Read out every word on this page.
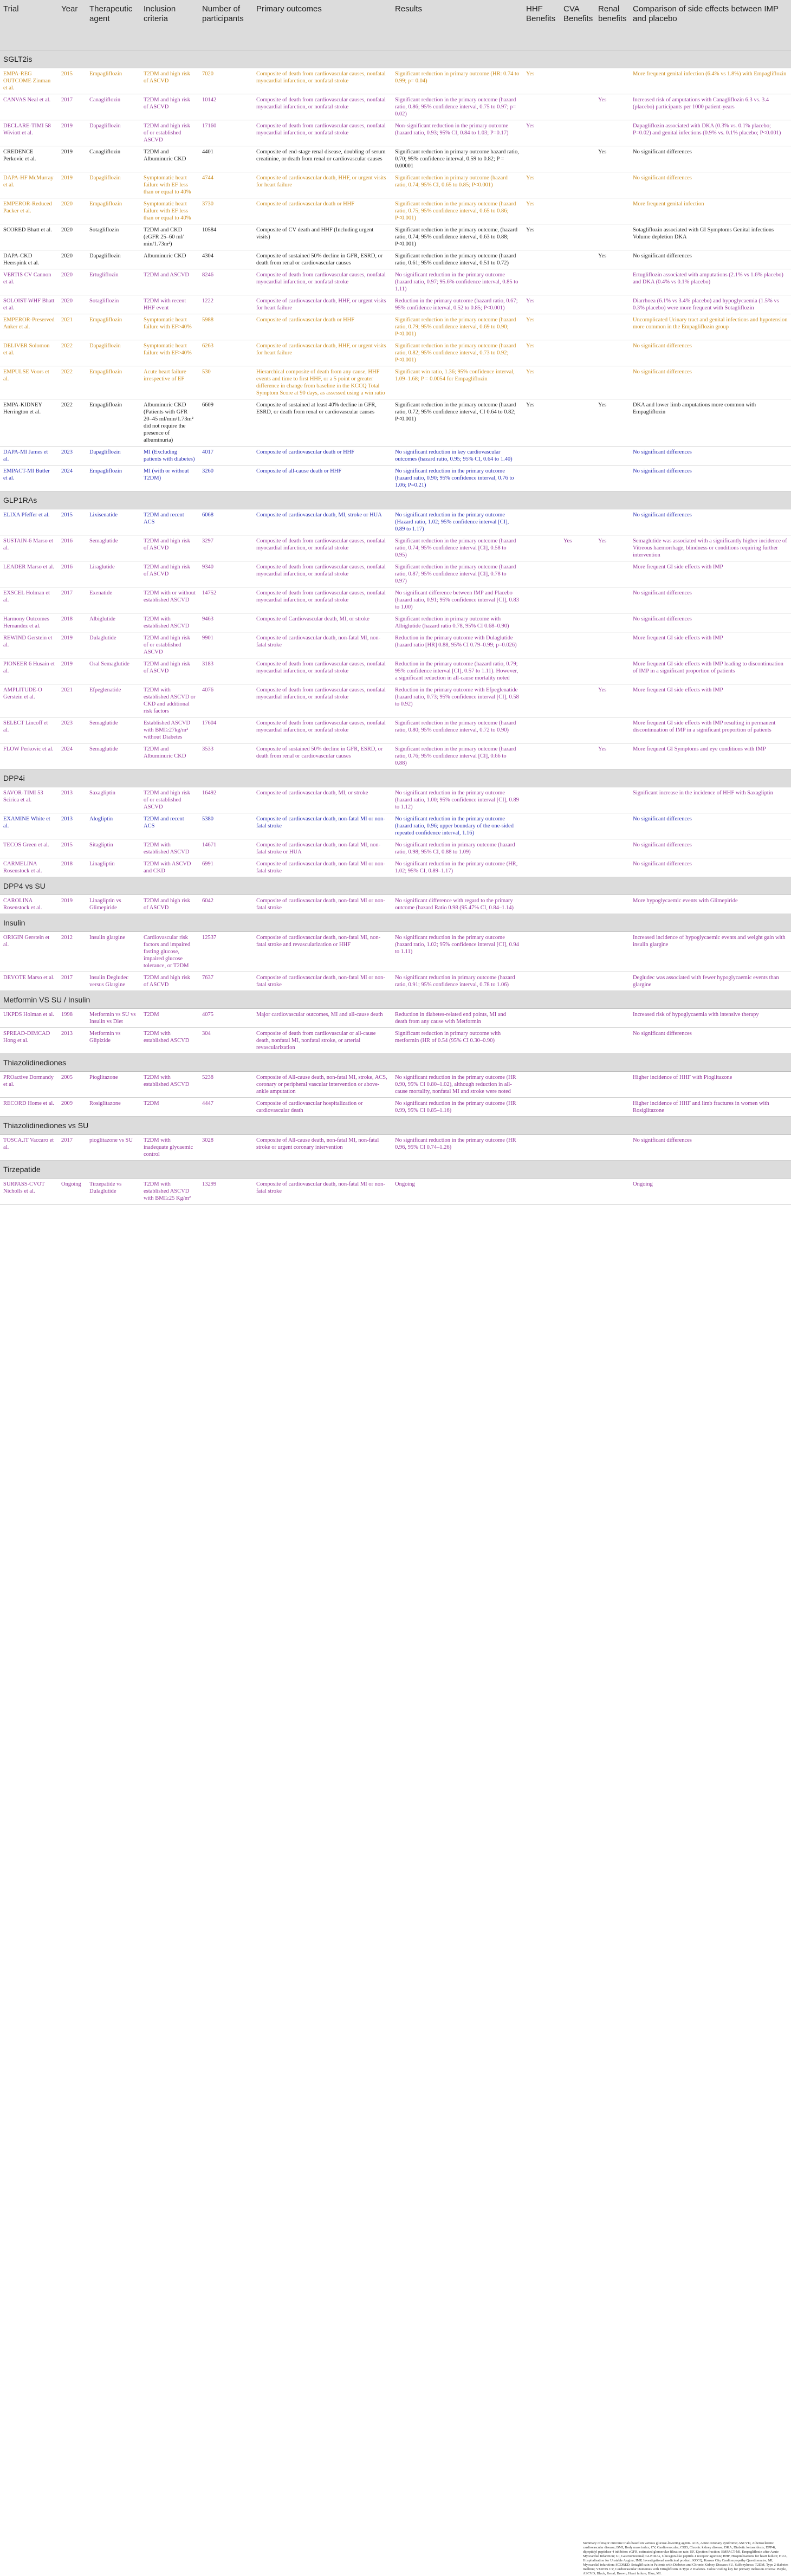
Trial	Year	Therapeutic agent	Inclusion criteria	Number of participants	Primary outcomes	Results	HHF Benefits	CVA Benefits	Renal benefits	Comparison of side effects between IMP and placebo
SGLT2is										
EMPA-REG OUTCOME Zinman et al.	2015	Empagliflozin	T2DM and high risk of ASCVD	7020	Composite of death from cardiovascular causes, nonfatal myocardial infarction, or nonfatal stroke	Significant reduction in primary outcome (HR: 0.74 to 0.99; p= 0.04)	Yes			More frequent genital infection (6.4% vs 1.8%) with Empagliflozin
CANVAS Neal et al.	2017	Canagliflozin	T2DM and high risk of ASCVD	10142	Composite of death from cardiovascular causes, nonfatal myocardial infarction, or nonfatal stroke	Significant reduction in the primary outcome (hazard ratio, 0.86; 95% confidence interval, 0.75 to 0.97; p= 0.02)			Yes	Increased risk of amputations with Canagliflozin 6.3 vs. 3.4 (placebo) participants per 1000 patient-years
DECLARE-TIMI 58 Wiviott et al.	2019	Dapagliflozin	T2DM and high risk of or established ASCVD	17160	Composite of death from cardiovascular causes, nonfatal myocardial infarction, or nonfatal stroke	Non-significant reduction in the primary outcome (hazard ratio, 0.93; 95% CI, 0.84 to 1.03; P=0.17)	Yes			Dapagliflozin associated with DKA (0.3% vs. 0.1% placebo; P=0.02) and genital infections (0.9% vs. 0.1% placebo; P<0.001)
CREDENCE Perkovic et al.	2019	Canagliflozin	T2DM and Albuminuric CKD	4401	Composite of end-stage renal disease, doubling of serum creatinine, or death from renal or cardiovascular causes	Significant reduction in primary outcome hazard ratio, 0.70; 95% confidence interval, 0.59 to 0.82; P = 0.00001			Yes	No significant differences
DAPA-HF McMurray et al.	2019	Dapagliflozin	Symptomatic heart failure with EF less than or equal to 40%	4744	Composite of cardiovascular death, HHF, or urgent visits for heart failure	Significant reduction in primary outcome (hazard ratio, 0.74; 95% CI, 0.65 to 0.85; P<0.001)	Yes			No significant differences
EMPEROR-Reduced Packer et al.	2020	Empagliflozin	Symptomatic heart failure with EF less than or equal to 40%	3730	Composite of cardiovascular death or HHF	Significant reduction in the primary outcome (hazard ratio, 0.75; 95% confidence interval, 0.65 to 0.86; P<0.001)	Yes			More frequent genital infection
SCORED Bhatt et al.	2020	Sotagliflozin	T2DM and CKD (eGFR 25–60 ml/ min/1.73m²)	10584	Composite of CV death and HHF (Including urgent visits)	Significant reduction in the primary outcome, (hazard ratio, 0.74; 95% confidence interval, 0.63 to 0.88; P<0.001)	Yes			Sotagliflozin associated with GI Symptoms Genital infections Volume depletion DKA
DAPA-CKD Heerspink et al.	2020	Dapagliflozin	Albuminuric CKD	4304	Composite of sustained 50% decline in GFR, ESRD, or death from renal or cardiovascular causes	Significant reduction in the primary outcome (hazard ratio, 0.61; 95% confidence interval, 0.51 to 0.72)			Yes	No significant differences
VERTIS CV Cannon et al.	2020	Ertugliflozin	T2DM and ASCVD	8246	Composite of death from cardiovascular causes, nonfatal myocardial infarction, or nonfatal stroke	No significant reduction in the primary outcome (hazard ratio, 0.97; 95.6% confidence interval, 0.85 to 1.11)				Ertugliflozin associated with amputations (2.1% vs 1.6% placebo) and DKA (0.4% vs 0.1% placebo)
SOLOIST-WHF Bhatt et al.	2020	Sotagliflozin	T2DM with recent HHF event	1222	Composite of cardiovascular death, HHF, or urgent visits for heart failure	Reduction in the primary outcome (hazard ratio, 0.67; 95% confidence interval, 0.52 to 0.85; P<0.001)	Yes			Diarrhoea (6.1% vs 3.4% placebo) and hypoglycaemia (1.5% vs 0.3% placebo) were more frequent with Sotagliflozin
EMPEROR-Preserved Anker et al.	2021	Empagliflozin	Symptomatic heart failure with EF>40%	5988	Composite of cardiovascular death or HHF	Significant reduction in the primary outcome (hazard ratio, 0.79; 95% confidence interval, 0.69 to 0.90; P<0.001)	Yes			Uncomplicated Urinary tract and genital infections and hypotension more common in the Empagliflozin group
DELIVER Solomon et al.	2022	Dapagliflozin	Symptomatic heart failure with EF>40%	6263	Composite of cardiovascular death, HHF, or urgent visits for heart failure	Significant reduction in the primary outcome (hazard ratio, 0.82; 95% confidence interval, 0.73 to 0.92; P<0.001)	Yes			No significant differences
EMPULSE Voors et al.	2022	Empagliflozin	Acute heart failure irrespective of EF	530	Hierarchical composite of death from any cause, HHF events and time to first HHF, or a 5 point or greater difference in change from baseline in the KCCQ Total Symptom Score at 90 days, as assessed using a win ratio	Significant win ratio, 1.36; 95% confidence interval, 1.09–1.68; P = 0.0054 for Empagliflozin	Yes			No significant differences
EMPA-KIDNEY Herrington et al.	2022	Empagliflozin	Albuminuric CKD (Patients with GFR 20–45 ml/min/1.73m² did not require the presence of albuminuria)	6609	Composite of sustained at least 40% decline in GFR, ESRD, or death from renal or cardiovascular causes	Significant reduction in the primary outcome (hazard ratio, 0.72; 95% confidence interval, CI 0.64 to 0.82; P<0.001)	Yes		Yes	DKA and lower limb amputations more common with Empagliflozin
DAPA-MI James et al.	2023	Dapagliflozin	MI (Excluding patients with diabetes)	4017	Composite of cardiovascular death or HHF	No significant reduction in key cardiovascular outcomes (hazard ratio, 0.95; 95% CI, 0.64 to 1.40)				No significant differences
EMPACT-MI Butler et al.	2024	Empagliflozin	MI (with or without T2DM)	3260	Composite of all-cause death or HHF	No significant reduction in the primary outcome (hazard ratio, 0.90; 95% confidence interval, 0.76 to 1.06; P=0.21)				No significant differences
GLP1RAs										
ELIXA Pfeffer et al.	2015	Lixisenatide	T2DM and recent ACS	6068	Composite of cardiovascular death, MI, stroke or HUA	No significant reduction in the primary outcome (Hazard ratio, 1.02; 95% confidence interval [CI], 0.89 to 1.17)				No significant differences
SUSTAIN-6 Marso et al.	2016	Semaglutide	T2DM and high risk of ASCVD	3297	Composite of death from cardiovascular causes, nonfatal myocardial infarction, or nonfatal stroke	Significant reduction in the primary outcome (hazard ratio, 0.74; 95% confidence interval [CI], 0.58 to 0.95)		Yes	Yes	Semaglutide was associated with a significantly higher incidence of Vitreous haemorrhage, blindness or conditions requiring further intervention
LEADER Marso et al.	2016	Liraglutide	T2DM and high risk of ASCVD	9340	Composite of death from cardiovascular causes, nonfatal myocardial infarction, or nonfatal stroke	Significant reduction in the primary outcome (hazard ratio, 0.87; 95% confidence interval [CI], 0.78 to 0.97)				More frequent GI side effects with IMP
EXSCEL Holman et al.	2017	Exenatide	T2DM with or without established ASCVD	14752	Composite of death from cardiovascular causes, nonfatal myocardial infarction, or nonfatal stroke	No significant difference between IMP and Placebo (hazard ratio, 0.91; 95% confidence interval [CI], 0.83 to 1.00)				No significant differences
Harmony Outcomes Hernandez et al.	2018	Albiglutide	T2DM with established ASCVD	9463	Composite of Cardiovascular death, MI, or stroke	Significant reduction in primary outcome with Albiglutide (hazard ratio 0.78, 95% CI 0.68–0.90)				No significant differences
REWIND Gerstein et al.	2019	Dulaglutide	T2DM and high risk of or established ASCVD	9901	Composite of cardiovascular death, non-fatal MI, non-fatal stroke	Reduction in the primary outcome with Dulaglutide (hazard ratio [HR] 0.88, 95% CI 0.79–0.99; p=0.026)				More frequent GI side effects with IMP
PIONEER 6 Husain et al.	2019	Oral Semaglutide	T2DM and high risk of ASCVD	3183	Composite of death from cardiovascular causes, nonfatal myocardial infarction, or nonfatal stroke	Reduction in the primary outcome (hazard ratio, 0.79; 95% confidence interval [CI], 0.57 to 1.11). However, a significant reduction in all-cause mortality noted				More frequent GI side effects with IMP leading to discontinuation of IMP in a significant proportion of patients
AMPLITUDE-O Gerstein et al.	2021	Efpeglenatide	T2DM with established ASCVD or CKD and additional risk factors	4076	Composite of death from cardiovascular causes, nonfatal myocardial infarction, or nonfatal stroke	Reduction in the primary outcome with Efpeglenatide (hazard ratio, 0.73; 95% confidence interval [CI], 0.58 to 0.92)			Yes	More frequent GI side effects with IMP
SELECT Lincoff et al.	2023	Semaglutide	Established ASCVD with BMI≥27kg/m² without Diabetes	17604	Composite of death from cardiovascular causes, nonfatal myocardial infarction, or nonfatal stroke	Significant reduction in the primary outcome (hazard ratio, 0.80; 95% confidence interval, 0.72 to 0.90)				More frequent GI side effects with IMP resulting in permanent discontinuation of IMP in a significant proportion of patients
FLOW Perkovic et al.	2024	Semaglutide	T2DM and Albuminuric CKD	3533	Composite of sustained 50% decline in GFR, ESRD, or death from renal or cardiovascular causes	Significant reduction in the primary outcome (hazard ratio, 0.76; 95% confidence interval [CI], 0.66 to 0.88)			Yes	More frequent GI Symptoms and eye conditions with IMP
DPP4i										
SAVOR-TIMI 53 Scirica et al.	2013	Saxagliptin	T2DM and high risk of or established ASCVD	16492	Composite of cardiovascular death, MI, or stroke	No significant reduction in the primary outcome (hazard ratio, 1.00; 95% confidence interval [CI], 0.89 to 1.12)				Significant increase in the incidence of HHF with Saxagliptin
EXAMINE White et al.	2013	Alogliptin	T2DM and recent ACS	5380	Composite of cardiovascular death, non-fatal MI or non-fatal stroke	No significant reduction in the primary outcome (hazard ratio, 0.96; upper boundary of the one-sided repeated confidence interval, 1.16)				No significant differences
TECOS Green et al.	2015	Sitagliptin	T2DM with established ASCVD	14671	Composite of cardiovascular death, non-fatal MI, non-fatal stroke or HUA	No significant reduction in primary outcome (hazard ratio, 0.98; 95% CI, 0.88 to 1.09)				No significant differences
CARMELINA Rosenstock et al.	2018	Linagliptin	T2DM with ASCVD and CKD	6991	Composite of cardiovascular death, non-fatal MI or non-fatal stroke	No significant reduction in the primary outcome (HR, 1.02; 95% CI, 0.89–1.17)				No significant differences
DPP4 vs SU										
CAROLINA Rosenstock et al.	2019	Linagliptin vs Glimepiride	T2DM and high risk of ASCVD	6042	Composite of cardiovascular death, non-fatal MI or non-fatal stroke	No significant difference with regard to the primary outcome (hazard Ratio 0.98 (95.47% CI, 0.84–1.14)				More hypoglycaemic events with Glimepiride
Insulin										
ORIGIN Gerstein et al.	2012	Insulin glargine	Cardiovascular risk factors and impaired fasting glucose, impaired glucose tolerance, or T2DM	12537	Composite of cardiovascular death, non-fatal MI, non-fatal stroke and revascularization or HHF	No significant reduction in the primary outcome (hazard ratio, 1.02; 95% confidence interval [CI], 0.94 to 1.11)				Increased incidence of hypoglycaemic events and weight gain with insulin glargine
DEVOTE Marso et al.	2017	Insulin Degludec versus Glargine	T2DM and high risk of ASCVD	7637	Composite of cardiovascular death, non-fatal MI or non-fatal stroke	No significant reduction in primary outcome (hazard ratio, 0.91; 95% confidence interval, 0.78 to 1.06)				Degludec was associated with fewer hypoglycaemic events than glargine
Metformin VS SU / Insulin										
UKPDS Holman et al.	1998	Metformin vs SU vs Insulin vs Diet	T2DM	4075	Major cardiovascular outcomes, MI and all-cause death	Reduction in diabetes-related end points, MI and death from any cause with Metformin				Increased risk of hypoglycaemia with intensive therapy
SPREAD-DIMCAD Hong et al.	2013	Metformin vs Glipizide	T2DM with established ASCVD	304	Composite of death from cardiovascular or all-cause death, nonfatal MI, nonfatal stroke, or arterial revascularization	Significant reduction in primary outcome with metformin (HR of 0.54 (95% CI 0.30–0.90)				No significant differences
Thiazolidinediones										
PROactive Dormandy et al.	2005	Pioglitazone	T2DM with established ASCVD	5238	Composite of All-cause death, non-fatal MI, stroke, ACS, coronary or peripheral vascular intervention or above-ankle amputation	No significant reduction in the primary outcome (HR 0.90, 95% CI 0.80–1.02), although reduction in all-cause mortality, nonfatal MI and stroke were noted				Higher incidence of HHF with Pioglitazone
RECORD Home et al.	2009	Rosiglitazone	T2DM	4447	Composite of cardiovascular hospitalization or cardiovascular death	No significant reduction in the primary outcome (HR 0.99, 95% CI 0.85–1.16)				Higher incidence of HHF and limb fractures in women with Rosiglitazone
Thiazolidinediones vs SU										
TOSCA.IT Vaccaro et al.	2017	pioglitazone vs SU	T2DM with inadequate glycaemic control	3028	Composite of All-cause death, non-fatal MI, non-fatal stroke or urgent coronary intervention	No significant reduction in the primary outcome (HR 0.96, 95% CI 0.74–1.26)				No significant differences
Tirzepatide										
SURPASS-CVOT Nicholls et al.	Ongoing	Tirzepatide vs Dulaglutide	T2DM with established ASCVD with BMI≥25 Kg/m²	13299	Composite of cardiovascular death, non-fatal MI or non-fatal stroke	Ongoing				Ongoing
Summary of major outcome trials based on various glucose-lowering agents. ACS, Acute coronary syndrome; ASCVD, Atherosclerotic cardiovascular disease; BMI, Body mass index; CV, Cardiovascular; CKD, Chronic kidney disease; DKA, Diabetic ketoacidosis; DPP4i, dipeptidyl peptidase 4 inhibitor; eGFR, estimated glomerular filtration rate; EF, Ejection fraction; EMPACT-MI, Empagliflozin after Acute Myocardial Infarction; GI, Gastrointestinal; GLP1RAs, Glucagon-like peptide-1 receptor agonists; HHF, Hospitalisations for heart failure; HUA, Hospitalisation for Unstable Angina; IMP, Investigational medicinal product; KCCQ, Kansas City Cardiomyopathy Questionnaire; MI, Myocardial infarction; SCORED, Sotagliflozin in Patients with Diabetes and Chronic Kidney Disease; SU, Sulfonylurea; T2DM, Type 2 diabetes mellitus; VERTIS CV, Cardiovascular Outcomes with Ertugliflozin in Type 2 Diabetes. Colour coding key for primary inclusion criteria: Purple, ASCVD; Black, Renal; Brown, Heart failure; Blue, MI.
